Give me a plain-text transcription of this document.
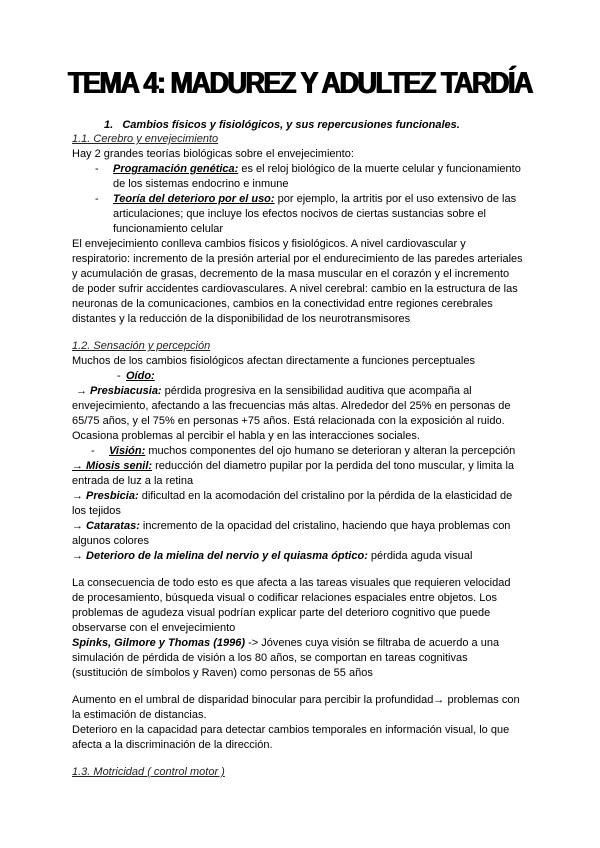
TEMA 4: MADUREZ Y ADULTEZ TARDÍA
1. Cambios físicos y fisiológicos, y sus repercusiones funcionales.
1.1. Cerebro y envejecimiento
Hay 2 grandes teorías biológicas sobre el envejecimiento:
- Programación genética: es el reloj biológico de la muerte celular y funcionamiento
de los sistemas endocrino e inmune
- Teoría del deterioro por el uso: por ejemplo, la artritis por el uso extensivo de las
articulaciones; que incluye los efectos nocivos de ciertas sustancias sobre el
funcionamiento celular
El envejecimiento conlleva cambios físicos y fisiológicos. A nivel cardiovascular y
respiratorio: incremento de la presión arterial por el endurecimiento de las paredes arteriales
y acumulación de grasas, decremento de la masa muscular en el corazón y el incremento
de poder sufrir accidentes cardiovasculares. A nivel cerebral: cambio en la estructura de las
neuronas de la comunicaciones, cambios en la conectividad entre regiones cerebrales
distantes y la reducción de la disponibilidad de los neurotransmisores
1.2. Sensación y percepción
Muchos de los cambios fisiológicos afectan directamente a funciones perceptuales
- Oído:
→ Presbiacusia: pérdida progresiva en la sensibilidad auditiva que acompaña al
envejecimiento, afectando a las frecuencias más altas. Alrededor del 25% en personas de
65/75 años, y el 75% en personas +75 años. Está relacionada con la exposición al ruido.
Ocasiona problemas al percibir el habla y en las interacciones sociales.
- Visión: muchos componentes del ojo humano se deterioran y alteran la percepción
→ Miosis senil: reducción del diametro pupilar por la perdida del tono muscular, y limita la
entrada de luz a la retina
→ Presbicia: dificultad en la acomodación del cristalino por la pérdida de la elasticidad de
los tejidos
→ Cataratas: incremento de la opacidad del cristalino, haciendo que haya problemas con
algunos colores
→ Deterioro de la mielina del nervio y el quiasma óptico: pérdida aguda visual
La consecuencia de todo esto es que afecta a las tareas visuales que requieren velocidad
de procesamiento, búsqueda visual o codificar relaciones espaciales entre objetos. Los
problemas de agudeza visual podrían explicar parte del deterioro cognitivo que puede
observarse con el envejecimiento
Spinks, Gilmore y Thomas (1996) -> Jóvenes cuya visión se filtraba de acuerdo a una
simulación de pérdida de visión a los 80 años, se comportan en tareas cognitivas
(sustitución de símbolos y Raven) como personas de 55 años
Aumento en el umbral de disparidad binocular para percibir la profundidad→ problemas con
la estimación de distancias.
Deterioro en la capacidad para detectar cambios temporales en información visual, lo que
afecta a la discriminación de la dirección.
1.3. Motricidad ( control motor )
